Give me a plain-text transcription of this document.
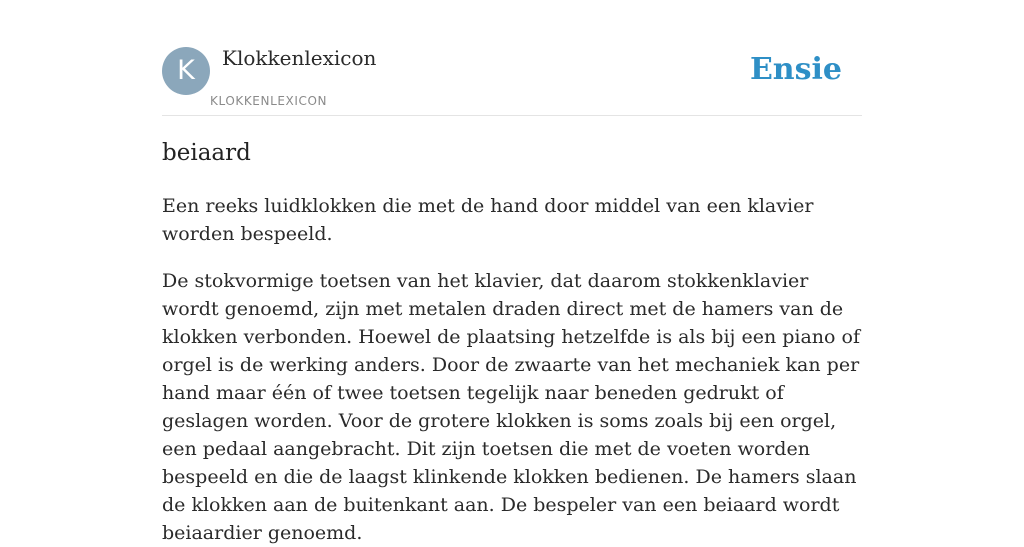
K	Klokkenlexicon
KLOKKENLEXICON
Ensie
beiaard

Een reeks luidklokken die met de hand door middel van een klavier worden bespeeld.

De stokvormige toetsen van het klavier, dat daarom stokkenklavier wordt genoemd, zijn met metalen draden direct met de hamers van de klokken verbonden. Hoewel de plaatsing hetzelfde is als bij een piano of orgel is de werking anders. Door de zwaarte van het mechaniek kan per hand maar één of twee toetsen tegelijk naar beneden gedrukt of geslagen worden. Voor de grotere klokken is soms zoals bij een orgel, een pedaal aangebracht. Dit zijn toetsen die met de voeten worden bespeeld en die de laagst klinkende klokken bedienen. De hamers slaan de klokken aan de buitenkant aan. De bespeler van een beiaard wordt beiaardier genoemd.
